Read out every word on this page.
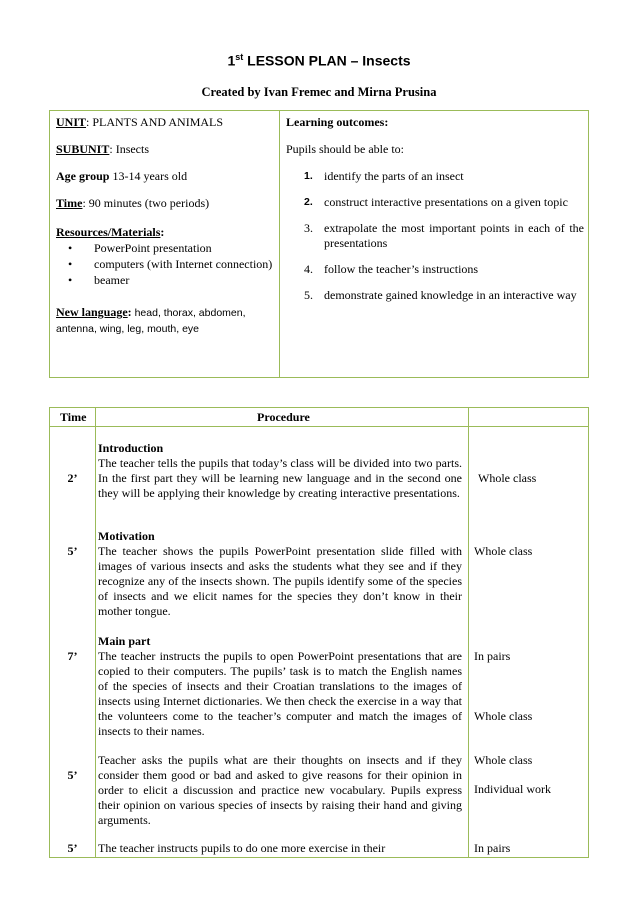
1st LESSON PLAN – Insects
Created by Ivan Fremec and Mirna Prusina
UNIT: PLANTS AND ANIMALS
SUBUNIT: Insects
Age group 13-14 years old
Time: 90 minutes (two periods)
Resources/Materials:
• PowerPoint presentation
• computers (with Internet connection)
• beamer
New language: head, thorax, abdomen, antenna, wing, leg, mouth, eye
Learning outcomes:
Pupils should be able to:
1. identify the parts of an insect
2. construct interactive presentations on a given topic
3. extrapolate the most important points in each of the presentations
4. follow the teacher’s instructions
5. demonstrate gained knowledge in an interactive way
Time	Procedure
2’
Introduction
The teacher tells the pupils that today’s class will be divided into two parts. In the first part they will be learning new language and in the second one they will be applying their knowledge by creating interactive presentations.
5’
Motivation
The teacher shows the pupils PowerPoint presentation slide filled with images of various insects and asks the students what they see and if they recognize any of the insects shown. The pupils identify some of the species of insects and we elicit names for the species they don’t know in their mother tongue.
7’
Main part
The teacher instructs the pupils to open PowerPoint presentations that are copied to their computers. The pupils’ task is to match the English names of the species of insects and their Croatian translations to the images of insects using Internet dictionaries. We then check the exercise in a way that the volunteers come to the teacher’s computer and match the images of insects to their names.
5’
Teacher asks the pupils what are their thoughts on insects and if they consider them good or bad and asked to give reasons for their opinion in order to elicit a discussion and practice new vocabulary. Pupils express their opinion on various species of insects by raising their hand and giving arguments.
5’	The teacher instructs pupils to do one more exercise in their
Whole class
Whole class
In pairs
Whole class
Whole class
Individual work
In pairs
